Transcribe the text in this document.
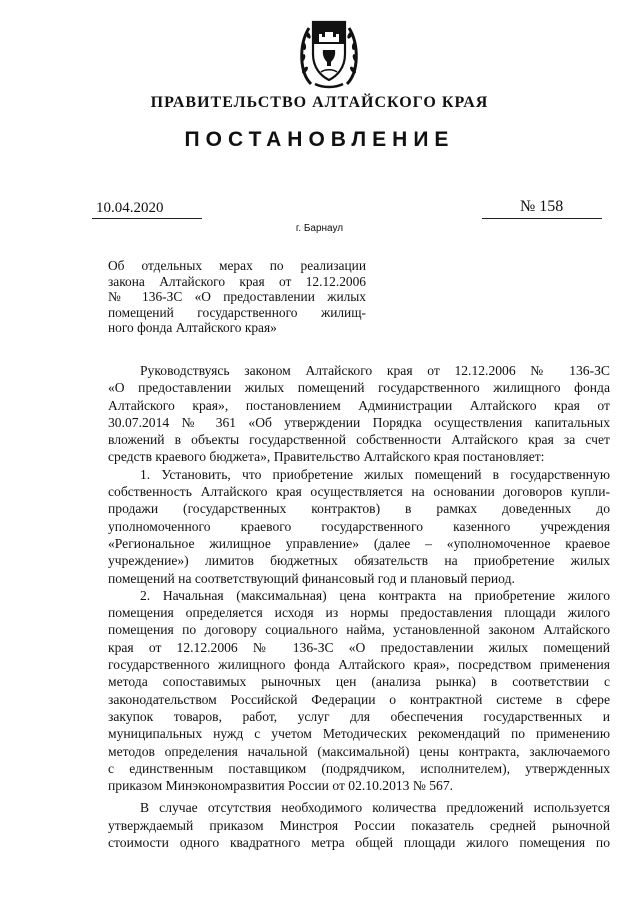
ПРАВИТЕЛЬСТВО АЛТАЙСКОГО КРАЯ
ПОСТАНОВЛЕНИЕ
10.04.2020	№ 158
г. Барнаул
Об отдельных мерах по реализации
закона Алтайского края от 12.12.2006
№ 136-ЗС «О предоставлении жилых
помещений государственного жилищ-
ного фонда Алтайского края»
Руководствуясь законом Алтайского края от 12.12.2006 № 136-ЗС
«О предоставлении жилых помещений государственного жилищного фонда
Алтайского края», постановлением Администрации Алтайского края от
30.07.2014 № 361 «Об утверждении Порядка осуществления капитальных
вложений в объекты государственной собственности Алтайского края за счет
средств краевого бюджета», Правительство Алтайского края постановляет:
1. Установить, что приобретение жилых помещений в государственную
собственность Алтайского края осуществляется на основании договоров купли-
продажи (государственных контрактов) в рамках доведенных до
уполномоченного краевого государственного казенного учреждения
«Региональное жилищное управление» (далее – «уполномоченное краевое
учреждение») лимитов бюджетных обязательств на приобретение жилых
помещений на соответствующий финансовый год и плановый период.
2. Начальная (максимальная) цена контракта на приобретение жилого
помещения определяется исходя из нормы предоставления площади жилого
помещения по договору социального найма, установленной законом Алтайского
края от 12.12.2006 № 136-ЗС «О предоставлении жилых помещений
государственного жилищного фонда Алтайского края», посредством применения
метода сопоставимых рыночных цен (анализа рынка) в соответствии с
законодательством Российской Федерации о контрактной системе в сфере
закупок товаров, работ, услуг для обеспечения государственных и
муниципальных нужд с учетом Методических рекомендаций по применению
методов определения начальной (максимальной) цены контракта, заключаемого
с единственным поставщиком (подрядчиком, исполнителем), утвержденных
приказом Минэкономразвития России от 02.10.2013 № 567.
В случае отсутствия необходимого количества предложений используется
утверждаемый приказом Минстроя России показатель средней рыночной
стоимости одного квадратного метра общей площади жилого помещения по
